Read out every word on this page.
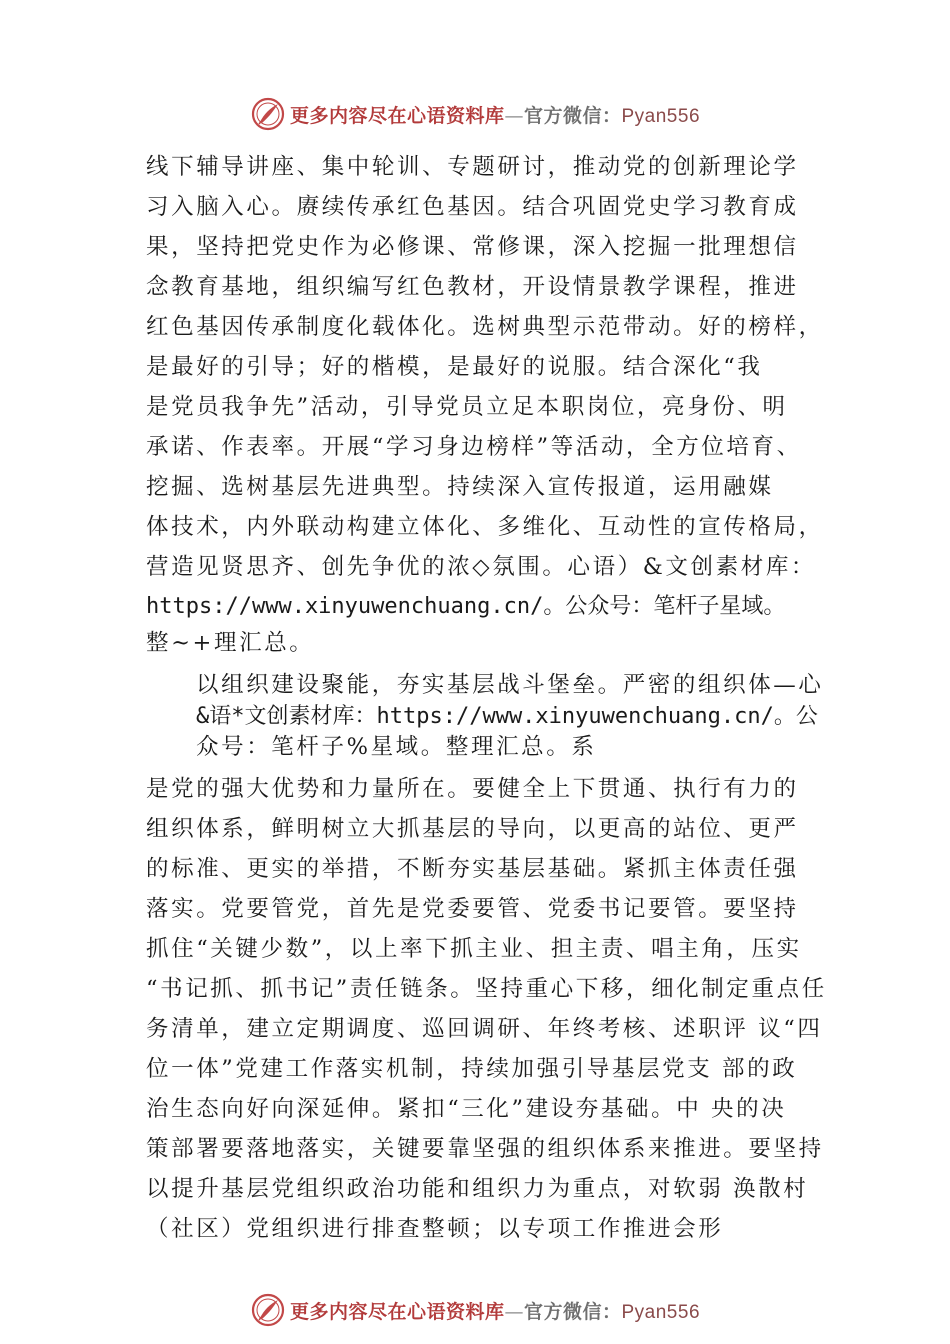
更多内容尽在心语资料库—官方微信：Pyan556
线下辅导讲座、集中轮训、专题研讨，推动党的创新理论学
习入脑入心。赓续传承红色基因。结合巩固党史学习教育成
果，坚持把党史作为必修课、常修课，深入挖掘一批理想信
念教育基地，组织编写红色教材，开设情景教学课程，推进
红色基因传承制度化载体化。选树典型示范带动。好的榜样，
是最好的引导；好的楷模，是最好的说服。结合深化“我
是党员我争先”活动，引导党员立足本职岗位，亮身份、明
承诺、作表率。开展“学习身边榜样”等活动，全方位培育、
挖掘、选树基层先进典型。持续深入宣传报道，运用融媒
体技术，内外联动构建立体化、多维化、互动性的宣传格局，
营造见贤思齐、创先争优的浓◇氛围。心语）&文创素材库：
https://www.xinyuwenchuang.cn/。公众号：笔杆子星域。
整~+理汇总。
以组织建设聚能，夯实基层战斗堡垒。严密的组织体—心
&语*文创素材库：https://www.xinyuwenchuang.cn/。公
众号：笔杆子%星域。整理汇总。系
是党的强大优势和力量所在。要健全上下贯通、执行有力的
组织体系，鲜明树立大抓基层的导向，以更高的站位、更严
的标准、更实的举措，不断夯实基层基础。紧抓主体责任强
落实。党要管党，首先是党委要管、党委书记要管。要坚持
抓住“关键少数”，以上率下抓主业、担主责、唱主角，压实
“书记抓、抓书记”责任链条。坚持重心下移，细化制定重点任
务清单，建立定期调度、巡回调研、年终考核、述职评 议“四
位一体”党建工作落实机制，持续加强引导基层党支 部的政
治生态向好向深延伸。紧扣“三化”建设夯基础。中 央的决
策部署要落地落实，关键要靠坚强的组织体系来推进。要坚持
以提升基层党组织政治功能和组织力为重点，对软弱 涣散村
（社区）党组织进行排查整顿；以专项工作推进会形
更多内容尽在心语资料库—官方微信：Pyan556
